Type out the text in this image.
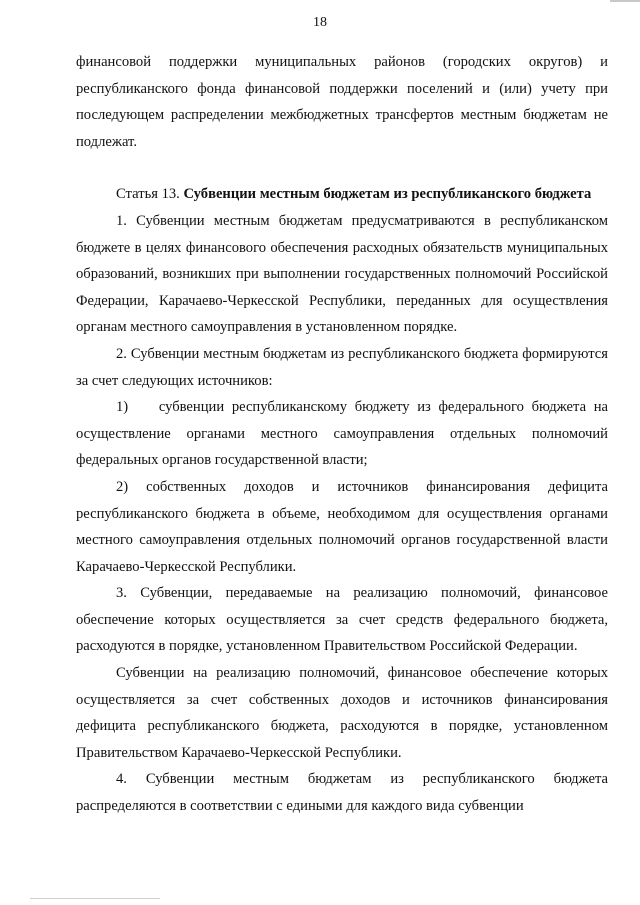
18

финансовой поддержки муниципальных районов (городских округов) и республиканского фонда финансовой поддержки поселений и (или) учету при последующем распределении межбюджетных трансфертов местным бюджетам не подлежат.

Статья 13. Субвенции местным бюджетам из республиканского бюджета

1. Субвенции местным бюджетам предусматриваются в республиканском бюджете в целях финансового обеспечения расходных обязательств муниципальных образований, возникших при выполнении государственных полномочий Российской Федерации, Карачаево-Черкесской Республики, переданных для осуществления органам местного самоуправления в установленном порядке.

2. Субвенции местным бюджетам из республиканского бюджета формируются за счет следующих источников:

1)    субвенции республиканскому бюджету из федерального бюджета на осуществление органами местного самоуправления отдельных полномочий федеральных органов государственной власти;

2) собственных доходов и источников финансирования дефицита республиканского бюджета в объеме, необходимом для осуществления органами местного самоуправления отдельных полномочий органов государственной власти Карачаево-Черкесской Республики.

3. Субвенции, передаваемые на реализацию полномочий, финансовое обеспечение которых осуществляется за счет средств федерального бюджета, расходуются в порядке, установленном Правительством Российской Федерации.

Субвенции на реализацию полномочий, финансовое обеспечение которых осуществляется за счет собственных доходов и источников финансирования дефицита республиканского бюджета, расходуются в порядке, установленном Правительством Карачаево-Черкесской Республики.

4. Субвенции местным бюджетам из республиканского бюджета распределяются в соответствии с едиными для каждого вида субвенции
